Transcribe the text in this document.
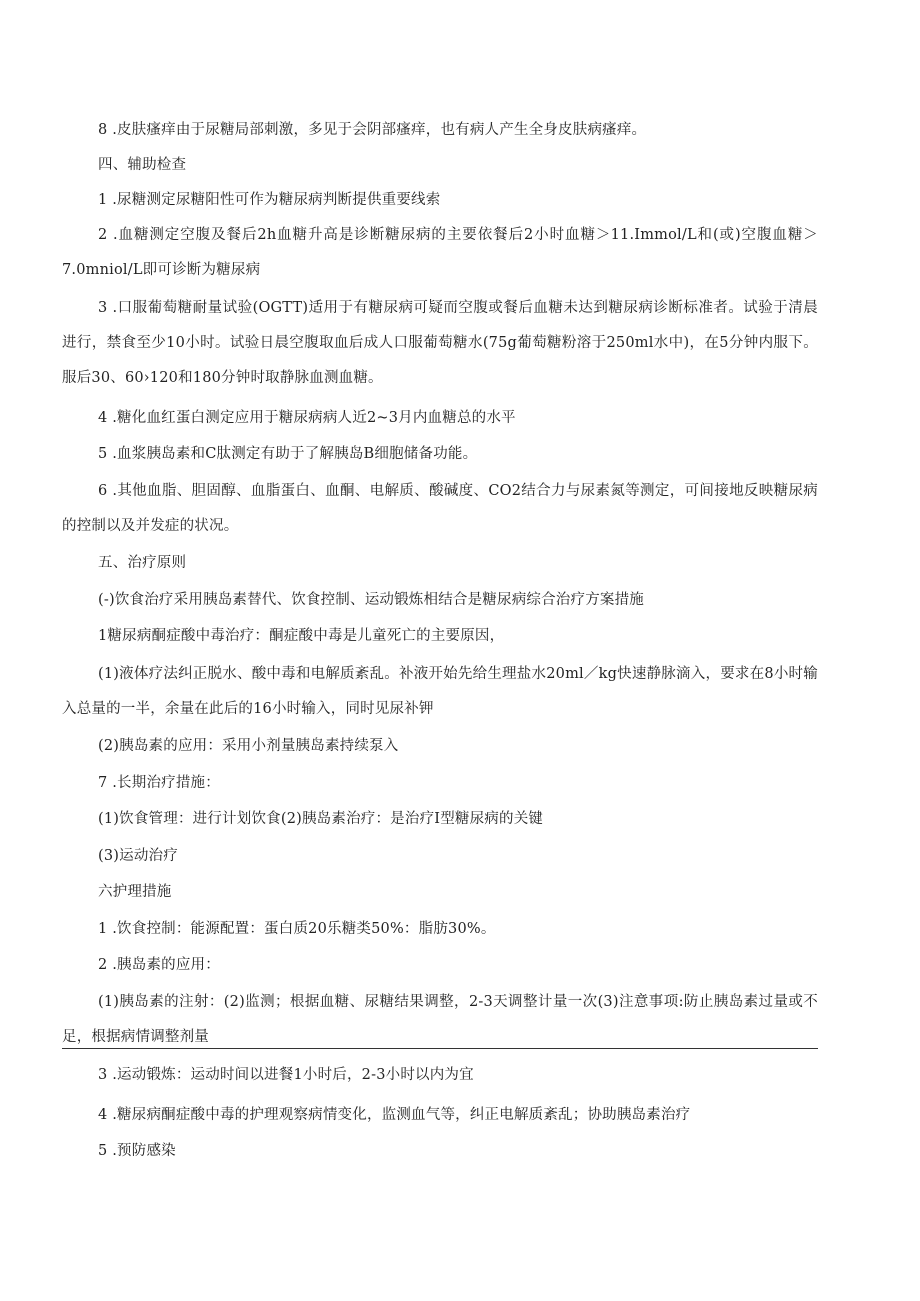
8 .皮肤瘙痒由于尿糖局部刺激，多见于会阴部瘙痒，也有病人产生全身皮肤病瘙痒。

四、辅助检查

1 .尿糖测定尿糖阳性可作为糖尿病判断提供重要线索

2 .血糖测定空腹及餐后2h血糖升高是诊断糖尿病的主要依餐后2小时血糖＞11.Immol/L和(或)空腹血糖＞7.0mniol/L即可诊断为糖尿病

3 .口服葡萄糖耐量试验(OGTT)适用于有糖尿病可疑而空腹或餐后血糖未达到糖尿病诊断标准者。试验于清晨进行，禁食至少10小时。试验日晨空腹取血后成人口服葡萄糖水(75g葡萄糖粉溶于250ml水中)，在5分钟内服下。服后30、60›120和180分钟时取静脉血测血糖。

4 .糖化血红蛋白测定应用于糖尿病病人近2~3月内血糖总的水平

5 .血浆胰岛素和C肽测定有助于了解胰岛B细胞储备功能。

6 .其他血脂、胆固醇、血脂蛋白、血酮、电解质、酸碱度、CO2结合力与尿素氮等测定，可间接地反映糖尿病的控制以及并发症的状况。

五、治疗原则

(-)饮食治疗采用胰岛素替代、饮食控制、运动锻炼相结合是糖尿病综合治疗方案措施

1糖尿病酮症酸中毒治疗：酮症酸中毒是儿童死亡的主要原因，

(1)液体疗法纠正脱水、酸中毒和电解质紊乱。补液开始先给生理盐水20ml／kg快速静脉滴入，要求在8小时输入总量的一半，余量在此后的16小时输入，同时见尿补钾

(2)胰岛素的应用：采用小剂量胰岛素持续泵入

7 .长期治疗措施：

(1)饮食管理：进行计划饮食(2)胰岛素治疗：是治疗I型糖尿病的关键

(3)运动治疗

六护理措施

1 .饮食控制：能源配置：蛋白质20乐糖类50%：脂肪30%。

2 .胰岛素的应用：

(1)胰岛素的注射：(2)监测；根据血糖、尿糖结果调整，2-3天调整计量一次(3)注意事项:防止胰岛素过量或不足，根据病情调整剂量

3 .运动锻炼：运动时间以进餐1小时后，2-3小时以内为宜

4 .糖尿病酮症酸中毒的护理观察病情变化，监测血气等，纠正电解质紊乱；协助胰岛素治疗

5 .预防感染
